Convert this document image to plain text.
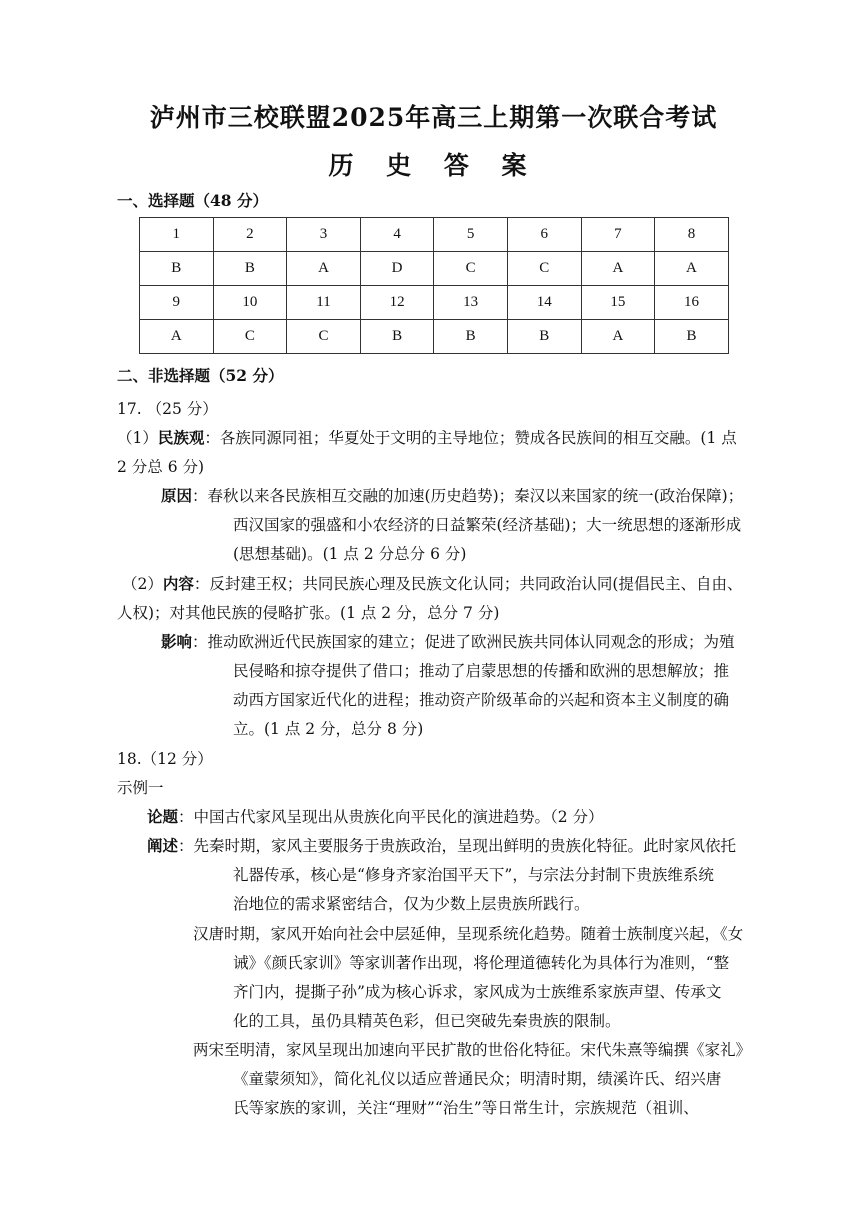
泸州市三校联盟2025年高三上期第一次联合考试
历 史 答 案
一、选择题（48 分）
1	2	3	4	5	6	7	8
B	B	A	D	C	C	A	A
9	10	11	12	13	14	15	16
A	C	C	B	B	B	A	B
二、非选择题（52 分）
17. （25 分）
（1）民族观：各族同源同祖；华夏处于文明的主导地位；赞成各民族间的相互交融。(1 点
2 分总 6 分)
原因：春秋以来各民族相互交融的加速(历史趋势)；秦汉以来国家的统一(政治保障)；
西汉国家的强盛和小农经济的日益繁荣(经济基础)；大一统思想的逐渐形成
(思想基础)。(1 点 2 分总分 6 分)
（2）内容：反封建王权；共同民族心理及民族文化认同；共同政治认同(提倡民主、自由、
人权)；对其他民族的侵略扩张。(1 点 2 分，总分 7 分)
影响：推动欧洲近代民族国家的建立；促进了欧洲民族共同体认同观念的形成；为殖
民侵略和掠夺提供了借口；推动了启蒙思想的传播和欧洲的思想解放；推
动西方国家近代化的进程；推动资产阶级革命的兴起和资本主义制度的确
立。(1 点 2 分，总分 8 分)
18.（12 分）
示例一
论题：中国古代家风呈现出从贵族化向平民化的演进趋势。（2 分）
阐述：先秦时期，家风主要服务于贵族政治，呈现出鲜明的贵族化特征。此时家风依托
礼器传承，核心是“修身齐家治国平天下”，与宗法分封制下贵族维系统
治地位的需求紧密结合，仅为少数上层贵族所践行。
汉唐时期，家风开始向社会中层延伸，呈现系统化趋势。随着士族制度兴起，《女
诫》《颜氏家训》等家训著作出现，将伦理道德转化为具体行为准则，“整
齐门内，提撕子孙”成为核心诉求，家风成为士族维系家族声望、传承文
化的工具，虽仍具精英色彩，但已突破先秦贵族的限制。
两宋至明清，家风呈现出加速向平民扩散的世俗化特征。宋代朱熹等编撰《家礼》
《童蒙须知》，简化礼仪以适应普通民众；明清时期，绩溪许氏、绍兴唐
氏等家族的家训，关注“理财”“治生”等日常生计，宗族规范（祖训、
